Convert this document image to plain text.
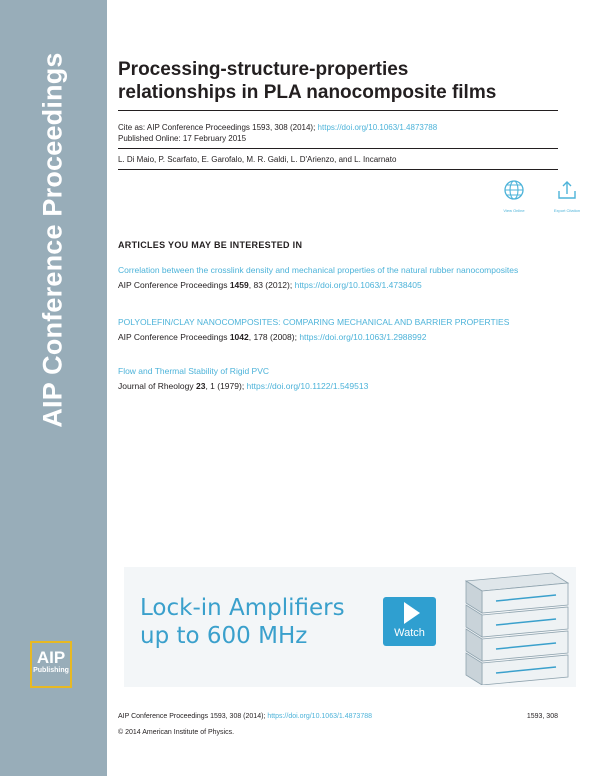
AIP Conference Proceedings
AIP
Publishing
Processing-structure-properties
relationships in PLA nanocomposite films
Cite as: AIP Conference Proceedings 1593, 308 (2014); https://doi.org/10.1063/1.4873788
Published Online: 17 February 2015
L. Di Maio, P. Scarfato, E. Garofalo, M. R. Galdi, L. D'Arienzo, and L. Incarnato
View Online	Export Citation
ARTICLES YOU MAY BE INTERESTED IN
Correlation between the crosslink density and mechanical properties of the natural rubber nanocomposites
AIP Conference Proceedings 1459, 83 (2012); https://doi.org/10.1063/1.4738405
POLYOLEFIN/CLAY NANOCOMPOSITES: COMPARING MECHANICAL AND BARRIER PROPERTIES
AIP Conference Proceedings 1042, 178 (2008); https://doi.org/10.1063/1.2988992
Flow and Thermal Stability of Rigid PVC
Journal of Rheology 23, 1 (1979); https://doi.org/10.1122/1.549513
Lock-in Amplifiers
up to 600 MHz	Watch
AIP Conference Proceedings 1593, 308 (2014); https://doi.org/10.1063/1.4873788	1593, 308
© 2014 American Institute of Physics.
